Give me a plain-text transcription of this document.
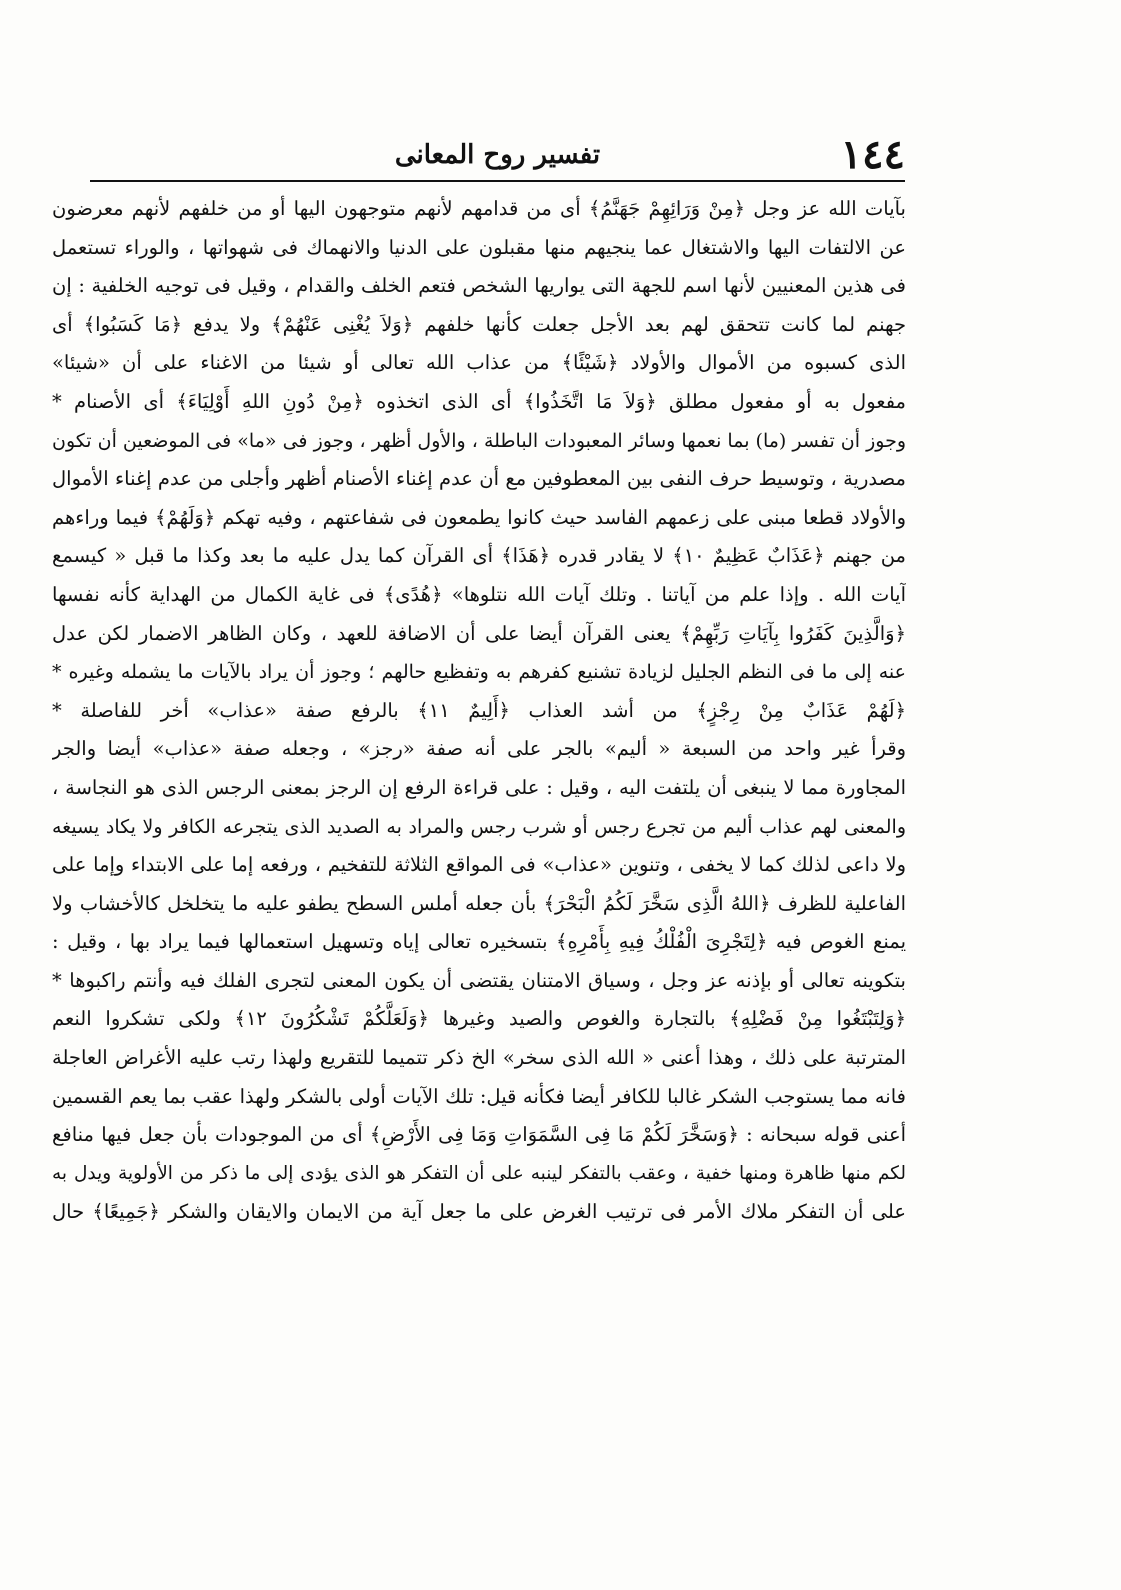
١٤٤
تفسير روح المعانى
بآيات الله عز وجل ﴿مِنْ وَرَائِهِمْ جَهَنَّمُ﴾ أى من قدامهم لأنهم متوجهون اليها أو من خلفهم لأنهم معرضون
عن الالتفات اليها والاشتغال عما ينجيهم منها مقبلون على الدنيا والانهماك فى شهواتها ، والوراء تستعمل
فى هذين المعنيين لأنها اسم للجهة التى يواريها الشخص فتعم الخلف والقدام ، وقيل فى توجيه الخلفية : إن
جهنم لما كانت تتحقق لهم بعد الأجل جعلت كأنها خلفهم ﴿وَلاَ يُغْنِى عَنْهُمْ﴾ ولا يدفع ﴿مَا كَسَبُوا﴾ أى
الذى كسبوه من الأموال والأولاد ﴿شَيْئًا﴾ من عذاب الله تعالى أو شيئا من الاغناء على أن «شيئا»
مفعول به أو مفعول مطلق ﴿وَلاَ مَا اتَّخَذُوا﴾ أى الذى اتخذوه ﴿مِنْ دُونِ اللهِ أَوْلِيَاءَ﴾ أى الأصنام *
وجوز أن تفسر (ما) بما نعمها وسائر المعبودات الباطلة ، والأول أظهر ، وجوز فى «ما» فى الموضعين أن تكون
مصدرية ، وتوسيط حرف النفى بين المعطوفين مع أن عدم إغناء الأصنام أظهر وأجلى من عدم إغناء الأموال
والأولاد قطعا مبنى على زعمهم الفاسد حيث كانوا يطمعون فى شفاعتهم ، وفيه تهكم ﴿وَلَهُمْ﴾ فيما وراءهم
من جهنم ﴿عَذَابٌ عَظِيمٌ ١٠﴾ لا يقادر قدره ﴿هَذَا﴾ أى القرآن كما يدل عليه ما بعد وكذا ما قبل « كيسمع
آيات الله . وإذا علم من آياتنا . وتلك آيات الله نتلوها» ﴿هُدًى﴾ فى غاية الكمال من الهداية كأنه نفسها
﴿وَالَّذِينَ كَفَرُوا بِآيَاتِ رَبِّهِمْ﴾ يعنى القرآن أيضا على أن الاضافة للعهد ، وكان الظاهر الاضمار لكن عدل
عنه إلى ما فى النظم الجليل لزيادة تشنيع كفرهم به وتفظيع حالهم ؛ وجوز أن يراد بالآيات ما يشمله وغيره *
﴿لَهُمْ عَذَابٌ مِنْ رِجْزٍ﴾ من أشد العذاب ﴿أَلِيمٌ ١١﴾ بالرفع صفة «عذاب» أخر للفاصلة *
وقرأ غير واحد من السبعة « أليم» بالجر على أنه صفة «رجز» ، وجعله صفة «عذاب» أيضا والجر
المجاورة مما لا ينبغى أن يلتفت اليه ، وقيل : على قراءة الرفع إن الرجز بمعنى الرجس الذى هو النجاسة ،
والمعنى لهم عذاب أليم من تجرع رجس أو شرب رجس والمراد به الصديد الذى يتجرعه الكافر ولا يكاد يسيغه
ولا داعى لذلك كما لا يخفى ، وتنوين «عذاب» فى المواقع الثلاثة للتفخيم ، ورفعه إما على الابتداء وإما على
الفاعلية للظرف ﴿اللهُ الَّذِى سَخَّرَ لَكُمُ الْبَحْرَ﴾ بأن جعله أملس السطح يطفو عليه ما يتخلخل كالأخشاب ولا
يمنع الغوص فيه ﴿لِتَجْرِىَ الْفُلْكُ فِيهِ بِأَمْرِهِ﴾ بتسخيره تعالى إياه وتسهيل استعمالها فيما يراد بها ، وقيل :
بتكوينه تعالى أو بإذنه عز وجل ، وسياق الامتنان يقتضى أن يكون المعنى لتجرى الفلك فيه وأنتم راكبوها *
﴿وَلِتَبْتَغُوا مِنْ فَضْلِهِ﴾ بالتجارة والغوص والصيد وغيرها ﴿وَلَعَلَّكُمْ تَشْكُرُونَ ١٢﴾ ولكى تشكروا النعم
المترتبة على ذلك ، وهذا أعنى « الله الذى سخر» الخ ذكر تتميما للتقريع ولهذا رتب عليه الأغراض العاجلة
فانه مما يستوجب الشكر غالبا للكافر أيضا فكأنه قيل: تلك الآيات أولى بالشكر ولهذا عقب بما يعم القسمين
أعنى قوله سبحانه : ﴿وَسَخَّرَ لَكُمْ مَا فِى السَّمَوَاتِ وَمَا فِى الأَرْضِ﴾ أى من الموجودات بأن جعل فيها منافع
لكم منها ظاهرة ومنها خفية ، وعقب بالتفكر لينبه على أن التفكر هو الذى يؤدى إلى ما ذكر من الأولوية ويدل به
على أن التفكر ملاك الأمر فى ترتيب الغرض على ما جعل آية من الايمان والايقان والشكر ﴿جَمِيعًا﴾ حال
